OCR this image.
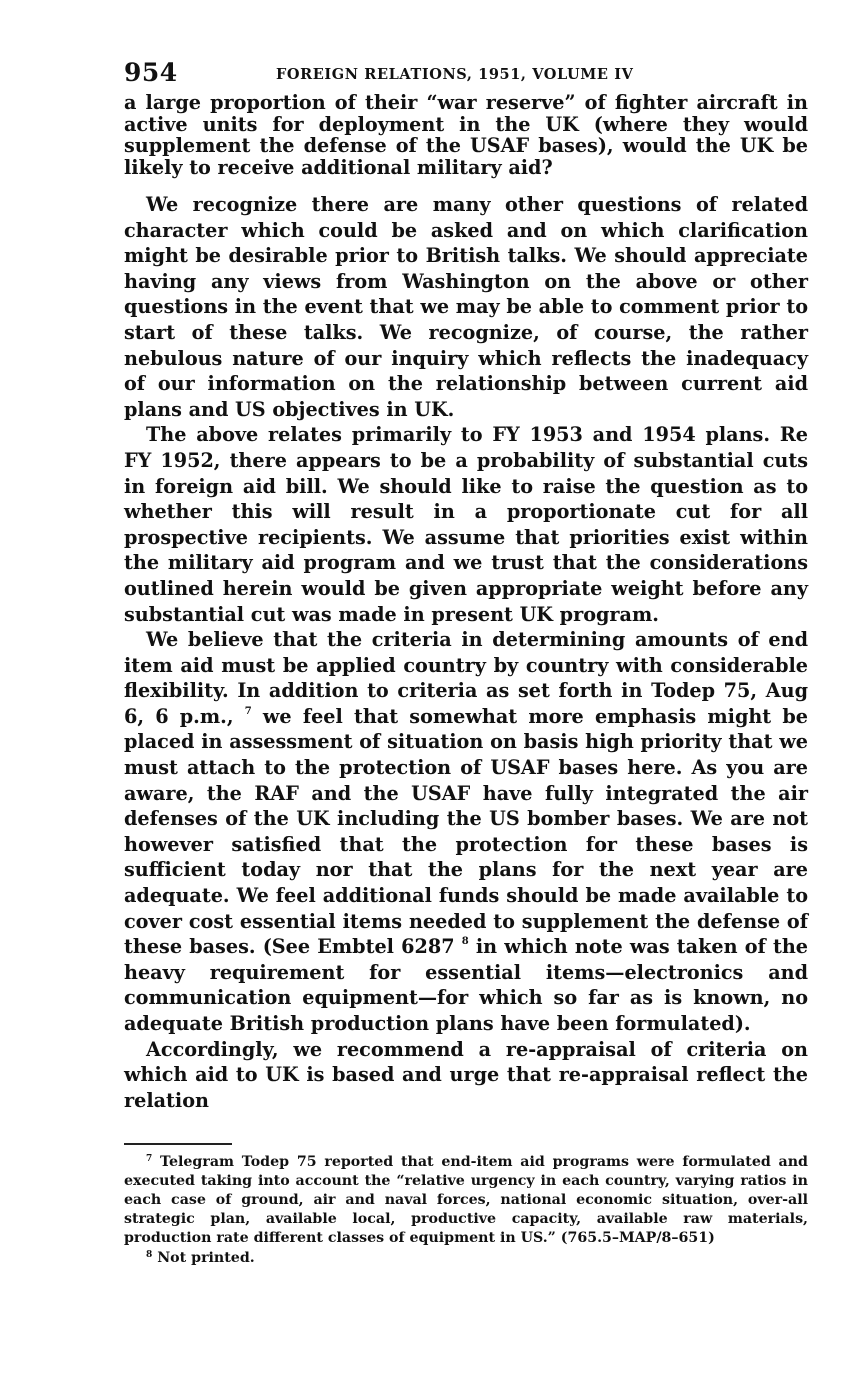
954	FOREIGN RELATIONS, 1951, VOLUME IV

a large proportion of their “war reserve” of fighter aircraft in active units for deployment in the UK (where they would supplement the defense of the USAF bases), would the UK be likely to receive additional military aid?

We recognize there are many other questions of related character which could be asked and on which clarification might be desirable prior to British talks. We should appreciate having any views from Washington on the above or other questions in the event that we may be able to comment prior to start of these talks. We recognize, of course, the rather nebulous nature of our inquiry which reflects the inadequacy of our information on the relationship between current aid plans and US objectives in UK.

The above relates primarily to FY 1953 and 1954 plans. Re FY 1952, there appears to be a probability of substantial cuts in foreign aid bill. We should like to raise the question as to whether this will result in a proportionate cut for all prospective recipients. We assume that priorities exist within the military aid program and we trust that the considerations outlined herein would be given appropriate weight before any substantial cut was made in present UK program.

We believe that the criteria in determining amounts of end item aid must be applied country by country with considerable flexibility. In addition to criteria as set forth in Todep 75, Aug 6, 6 p.m., $^7$ we feel that somewhat more emphasis might be placed in assessment of situation on basis high priority that we must attach to the protection of USAF bases here. As you are aware, the RAF and the USAF have fully integrated the air defenses of the UK including the US bomber bases. We are not however satisfied that the protection for these bases is sufficient today nor that the plans for the next year are adequate. We feel additional funds should be made available to cover cost essential items needed to supplement the defense of these bases. (See Embtel 6287 $^8$ in which note was taken of the heavy requirement for essential items—electronics and communication equipment—for which so far as is known, no adequate British production plans have been formulated).

Accordingly, we recommend a re-appraisal of criteria on which aid to UK is based and urge that re-appraisal reflect the relation

$^7$ Telegram Todep 75 reported that end-item aid programs were formulated and executed taking into account the “relative urgency in each country, varying ratios in each case of ground, air and naval forces, national economic situation, over-all strategic plan, available local, productive capacity, available raw materials, production rate different classes of equipment in US.” (765.5–MAP/8–651)

$^8$ Not printed.
